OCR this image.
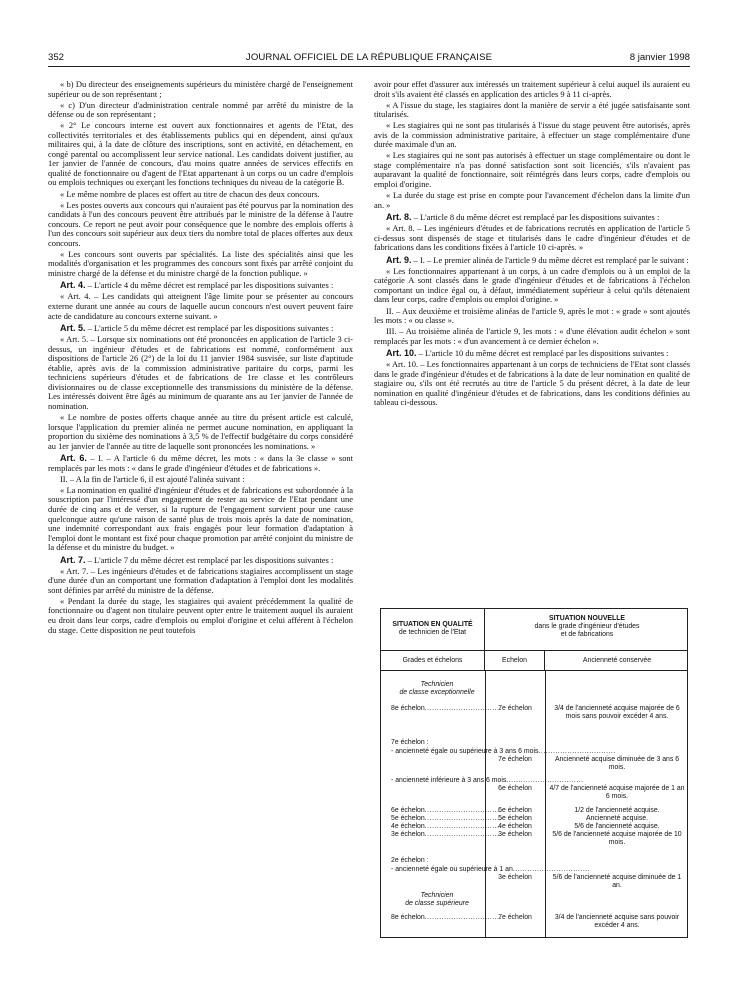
352	JOURNAL OFFICIEL DE LA RÉPUBLIQUE FRANÇAISE	8 janvier 1998

« b) Du directeur des enseignements supérieurs du ministère chargé de l'enseignement supérieur ou de son représentant ;

« c) D'un directeur d'administration centrale nommé par arrêté du ministre de la défense ou de son représentant ;

« 2° Le concours interne est ouvert aux fonctionnaires et agents de l'Etat, des collectivités territoriales et des établissements publics qui en dépendent, ainsi qu'aux militaires qui, à la date de clôture des inscriptions, sont en activité, en détachement, en congé parental ou accomplissent leur service national. Les candidats doivent justifier, au 1er janvier de l'année de concours, d'au moins quatre années de services effectifs en qualité de fonctionnaire ou d'agent de l'Etat appartenant à un corps ou un cadre d'emplois ou emplois techniques ou exerçant les fonctions techniques du niveau de la catégorie B.

« Le même nombre de places est offert au titre de chacun des deux concours.

« Les postes ouverts aux concours qui n'auraient pas été pourvus par la nomination des candidats à l'un des concours peuvent être attribués par le ministre de la défense à l'autre concours. Ce report ne peut avoir pour conséquence que le nombre des emplois offerts à l'un des concours soit supérieur aux deux tiers du nombre total de places offertes aux deux concours.

« Les concours sont ouverts par spécialités. La liste des spécialités ainsi que les modalités d'organisation et les programmes des concours sont fixés par arrêté conjoint du ministre chargé de la défense et du ministre chargé de la fonction publique. »

Art. 4. – L'article 4 du même décret est remplacé par les dispositions suivantes :

« Art. 4. – Les candidats qui atteignent l'âge limite pour se présenter au concours externe durant une année au cours de laquelle aucun concours n'est ouvert peuvent faire acte de candidature au concours externe suivant. »

Art. 5. – L'article 5 du même décret est remplacé par les dispositions suivantes :

« Art. 5. – Lorsque six nominations ont été prononcées en application de l'article 3 ci-dessus, un ingénieur d'études et de fabrications est nommé, conformément aux dispositions de l'article 26 (2°) de la loi du 11 janvier 1984 susvisée, sur liste d'aptitude établie, après avis de la commission administrative paritaire du corps, parmi les techniciens supérieurs d'études et de fabrications de 1re classe et les contrôleurs divisionnaires ou de classe exceptionnelle des transmissions du ministère de la défense. Les intéressés doivent être âgés au minimum de quarante ans au 1er janvier de l'année de nomination.

« Le nombre de postes offerts chaque année au titre du présent article est calculé, lorsque l'application du premier alinéa ne permet aucune nomination, en appliquant la proportion du sixième des nominations à 3,5 % de l'effectif budgétaire du corps considéré au 1er janvier de l'année au titre de laquelle sont prononcées les nominations. »

Art. 6. – I. – A l'article 6 du même décret, les mots : « dans la 3e classe » sont remplacés par les mots : « dans le grade d'ingénieur d'études et de fabrications ».

II. – A la fin de l'article 6, il est ajouté l'alinéa suivant :

« La nomination en qualité d'ingénieur d'études et de fabrications est subordonnée à la souscription par l'intéressé d'un engagement de rester au service de l'Etat pendant une durée de cinq ans et de verser, si la rupture de l'engagement survient pour une cause quelconque autre qu'une raison de santé plus de trois mois après la date de nomination, une indemnité correspondant aux frais engagés pour leur formation d'adaptation à l'emploi dont le montant est fixé pour chaque promotion par arrêté conjoint du ministre de la défense et du ministre du budget. »

Art. 7. – L'article 7 du même décret est remplacé par les dispositions suivantes :

« Art. 7. – Les ingénieurs d'études et de fabrications stagiaires accomplissent un stage d'une durée d'un an comportant une formation d'adaptation à l'emploi dont les modalités sont définies par arrêté du ministre de la défense.

« Pendant la durée du stage, les stagiaires qui avaient précédemment la qualité de fonctionnaire ou d'agent non titulaire peuvent opter entre le traitement auquel ils auraient eu droit dans leur corps, cadre d'emplois ou emploi d'origine et celui afférent à l'échelon du stage. Cette disposition ne peut toutefois

avoir pour effet d'assurer aux intéressés un traitement supérieur à celui auquel ils auraient eu droit s'ils avaient été classés en application des articles 9 à 11 ci-après.

« A l'issue du stage, les stagiaires dont la manière de servir a été jugée satisfaisante sont titularisés.

« Les stagiaires qui ne sont pas titularisés à l'issue du stage peuvent être autorisés, après avis de la commission administrative paritaire, à effectuer un stage complémentaire d'une durée maximale d'un an.

« Les stagiaires qui ne sont pas autorisés à effectuer un stage complémentaire ou dont le stage complémentaire n'a pas donné satisfaction sont soit licenciés, s'ils n'avaient pas auparavant la qualité de fonctionnaire, soit réintégrés dans leurs corps, cadre d'emplois ou emploi d'origine.

« La durée du stage est prise en compte pour l'avancement d'échelon dans la limite d'un an. »

Art. 8. – L'article 8 du même décret est remplacé par les dispositions suivantes :

« Art. 8. – Les ingénieurs d'études et de fabrications recrutés en application de l'article 5 ci-dessus sont dispensés de stage et titularisés dans le cadre d'ingénieur d'études et de fabrications dans les conditions fixées à l'article 10 ci-après. »

Art. 9. – I. – Le premier alinéa de l'article 9 du même décret est remplacé par le suivant :

« Les fonctionnaires appartenant à un corps, à un cadre d'emplois ou à un emploi de la catégorie A sont classés dans le grade d'ingénieur d'études et de fabrications à l'échelon comportant un indice égal ou, à défaut, immédiatement supérieur à celui qu'ils détenaient dans leur corps, cadre d'emplois ou emploi d'origine. »

II. – Aux deuxième et troisième alinéas de l'article 9, après le mot : « grade » sont ajoutés les mots : « ou classe ».

III. – Au troisième alinéa de l'article 9, les mots : « d'une élévation audit échelon » sont remplacés par les mots : « d'un avancement à ce dernier échelon ».

Art. 10. – L'article 10 du même décret est remplacé par les dispositions suivantes :

« Art. 10. – Les fonctionnaires appartenant à un corps de techniciens de l'Etat sont classés dans le grade d'ingénieur d'études et de fabrications à la date de leur nomination en qualité de stagiaire ou, s'ils ont été recrutés au titre de l'article 5 du présent décret, à la date de leur nomination en qualité d'ingénieur d'études et de fabrications, dans les conditions définies au tableau ci-dessous.

SITUATION EN QUALITÉ
de technicien de l'Etat
SITUATION NOUVELLE
dans le grade d'ingénieur d'études
et de fabrications
Grades et échelons	Echelon	Ancienneté conservée
Technicien
de classe exceptionnelle
8e échelon .....	7e échelon	3/4 de l'ancienneté acquise majorée de 6 mois sans pouvoir excéder 4 ans.
7e échelon :
- ancienneté égale ou supérieure à 3 ans 6 mois .....
7e échelon	Ancienneté acquise diminuée de 3 ans 6 mois.
- ancienneté inférieure à 3 ans 6 mois .....
6e échelon	4/7 de l'ancienneté acquise majorée de 1 an 6 mois.
6e échelon .....	6e échelon	1/2 de l'ancienneté acquise.
5e échelon .....	5e échelon	Ancienneté acquise.
4e échelon .....	4e échelon	5/6 de l'ancienneté acquise.
3e échelon .....	3e échelon	5/6 de l'ancienneté acquise majorée de 10 mois.
2e échelon :
- ancienneté égale ou supérieure à 1 an .....
3e échelon	5/6 de l'ancienneté acquise diminuée de 1 an.
Technicien
de classe supérieure
8e échelon .....	7e échelon	3/4 de l'ancienneté acquise sans pouvoir excéder 4 ans.
